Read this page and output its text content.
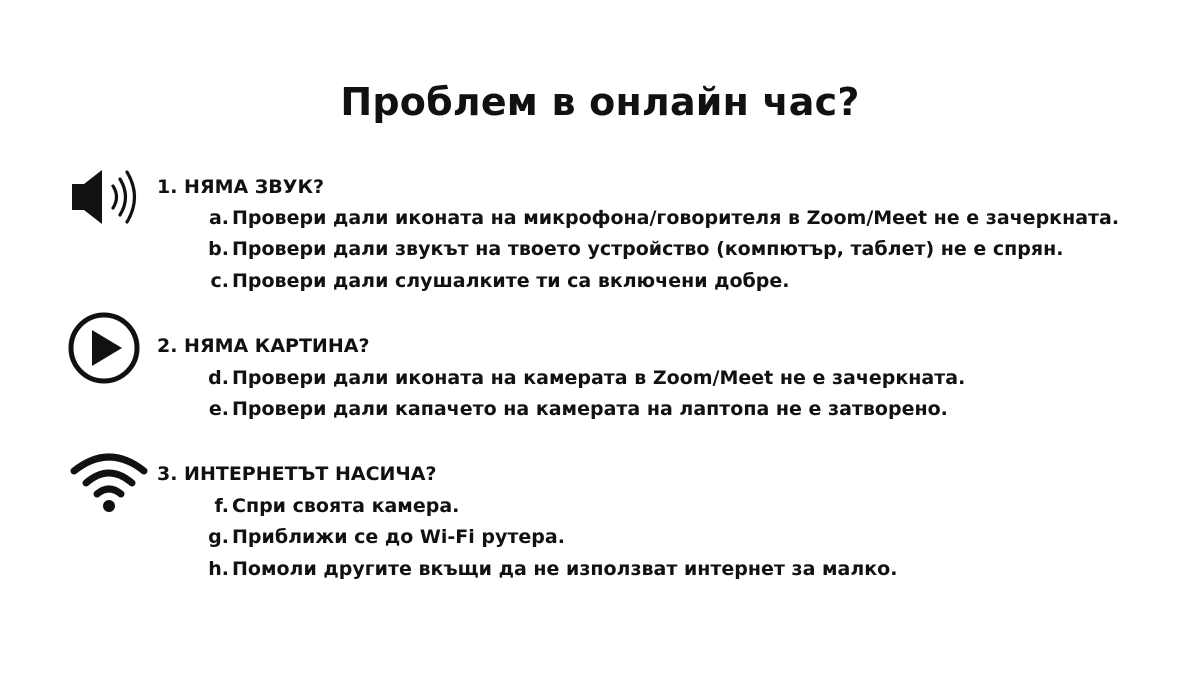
Проблем в онлайн час?
1. НЯМА ЗВУК?
a. Провери дали иконата на микрофона/говорителя в Zoom/Meet не е зачеркната.
b. Провери дали звукът на твоето устройство (компютър, таблет) не е спрян.
c. Провери дали слушалките ти са включени добре.
2. НЯМА КАРТИНА?
d. Провери дали иконата на камерата в Zoom/Meet не е зачеркната.
e. Провери дали капачето на камерата на лаптопа не е затворено.
3. ИНТЕРНЕТЪТ НАСИЧА?
f. Спри своята камера.
g. Приближи се до Wi-Fi рутера.
h. Помоли другите вкъщи да не използват интернет за малко.
